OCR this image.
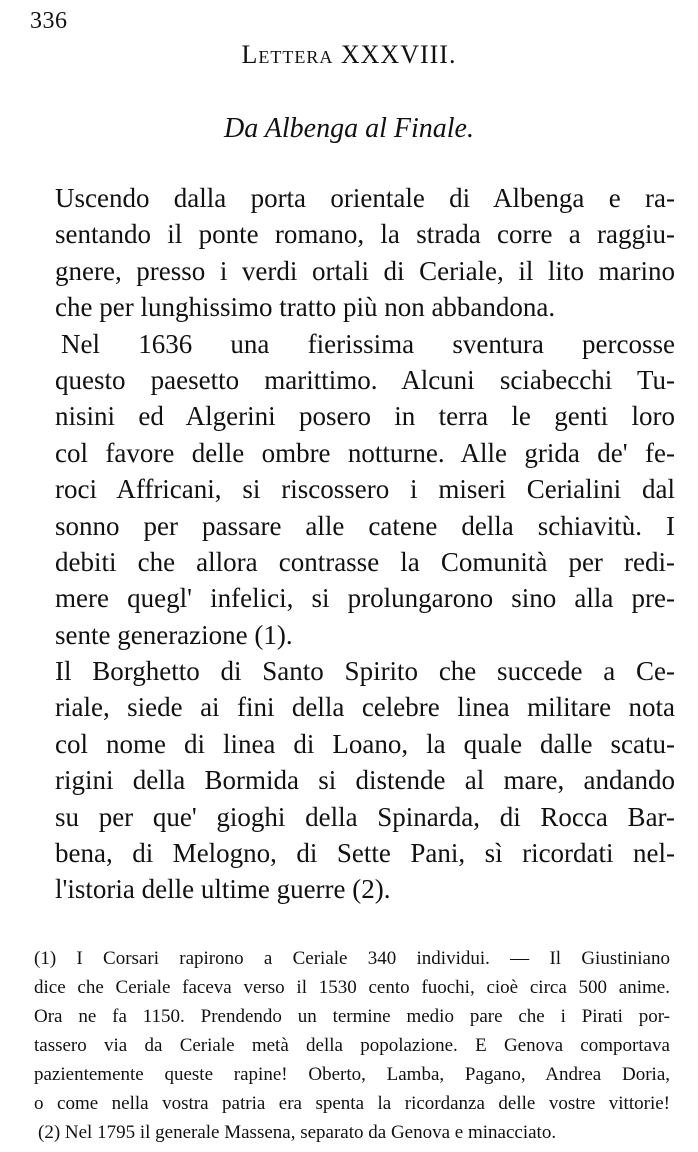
336
Lettera XXXVIII.
Da Albenga al Finale.
Uscendo dalla porta orientale di Albenga e ra-
sentando il ponte romano, la strada corre a raggiu-
gnere, presso i verdi ortali di Ceriale, il lito marino
che per lunghissimo tratto più non abbandona.
Nel 1636 una fierissima sventura percosse
questo paesetto marittimo. Alcuni sciabecchi Tu-
nisini ed Algerini posero in terra le genti loro
col favore delle ombre notturne. Alle grida de' fe-
roci Affricani, si riscossero i miseri Cerialini dal
sonno per passare alle catene della schiavitù. I
debiti che allora contrasse la Comunità per redi-
mere quegl' infelici, si prolungarono sino alla pre-
sente generazione (1).
Il Borghetto di Santo Spirito che succede a Ce-
riale, siede ai fini della celebre linea militare nota
col nome di linea di Loano, la quale dalle scatu-
rigini della Bormida si distende al mare, andando
su per que' gioghi della Spinarda, di Rocca Bar-
bena, di Melogno, di Sette Pani, sì ricordati nel-
l'istoria delle ultime guerre (2).
(1) I Corsari rapirono a Ceriale 340 individui. — Il Giustiniano
dice che Ceriale faceva verso il 1530 cento fuochi, cioè circa 500 anime.
Ora ne fa 1150. Prendendo un termine medio pare che i Pirati por-
tassero via da Ceriale metà della popolazione. E Genova comportava
pazientemente queste rapine! Oberto, Lamba, Pagano, Andrea Doria,
o come nella vostra patria era spenta la ricordanza delle vostre vittorie!
(2) Nel 1795 il generale Massena, separato da Genova e minacciato.
